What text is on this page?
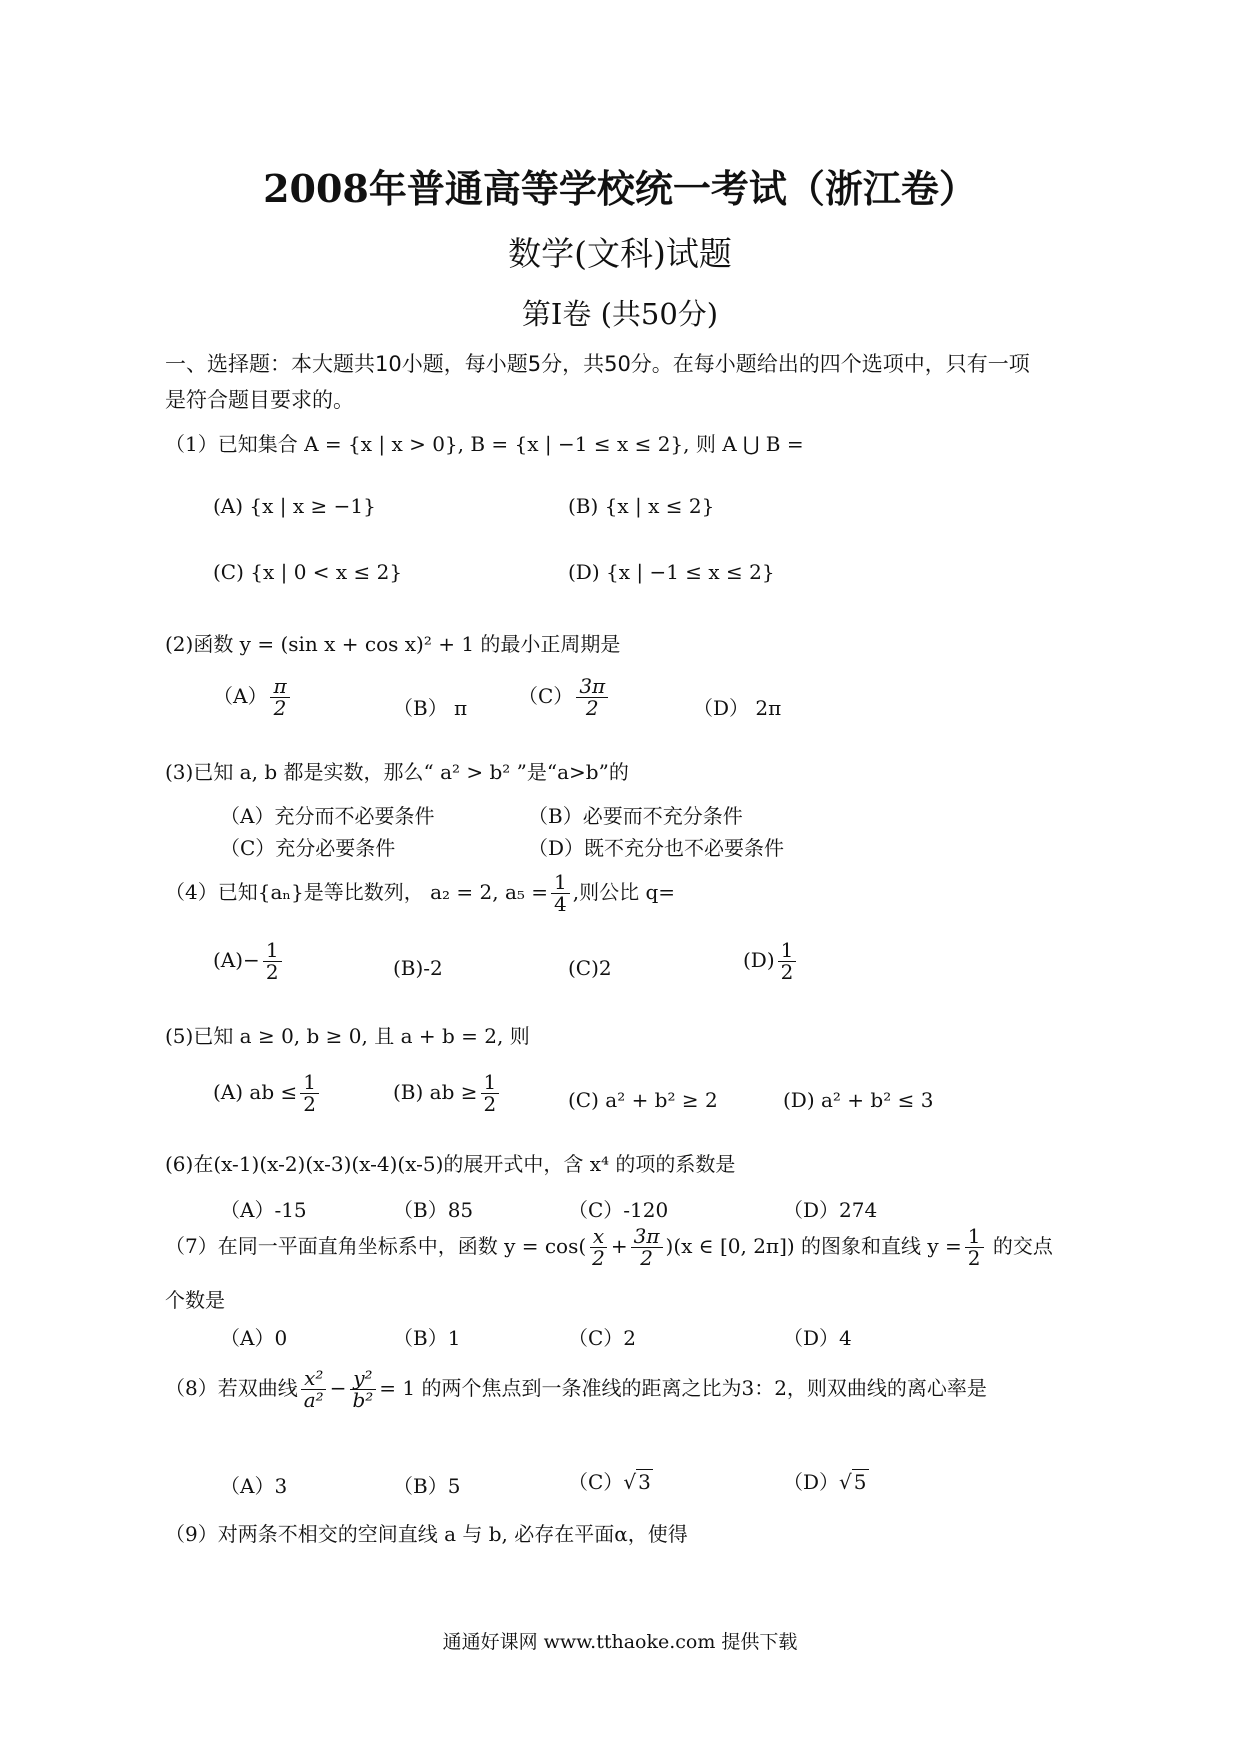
2008年普通高等学校统一考试（浙江卷）
数学(文科)试题
第Ⅰ卷 (共50分)
一、选择题：本大题共10小题，每小题5分，共50分。在每小题给出的四个选项中，只有一项
是符合题目要求的。
（1）已知集合 A = {x | x > 0}, B = {x | −1 ≤ x ≤ 2}, 则 A ⋃ B =
(A) {x | x ≥ −1}	(B) {x | x ≤ 2}
(C) {x | 0 < x ≤ 2}	(D) {x | −1 ≤ x ≤ 2}
(2)函数 y = (sin x + cos x)² + 1 的最小正周期是
$(A) \frac{\pi}{2}$	（B） π	$(C) \frac{3\pi}{2}$	（D） 2π
(3)已知 a, b 都是实数，那么“ a² > b² ”是“a>b”的
（A）充分而不必要条件	（B）必要而不充分条件
（C）充分必要条件	（D）既不充分也不必要条件
（4）已知{aₙ}是等比数列， a₂ = 2, $a_5 = \frac{1}{4}$ ,则公比 q=
$(A)- \frac{1}{2}$	(B)-2	(C)2	$(D) \frac{1}{2}$
(5)已知 a ≥ 0, b ≥ 0, 且 a + b = 2, 则
(A) ab ≤ $\frac{1}{2}$	(B) ab ≥ $\frac{1}{2}$	(C) a² + b² ≥ 2	(D) a² + b² ≤ 3
(6)在(x-1)(x-2)(x-3)(x-4)(x-5)的展开式中，含 x⁴ 的项的系数是
（A）-15	（B）85	（C）-120	（D）274
（7）在同一平面直角坐标系中，函数 $y = \cos( \frac{x}{2} + \frac{3\pi}{2} )(x$ ∈ [0, 2π]) 的图象和直线 $y = \frac{1}{2}$ 的交点
个数是
（A）0	（B）1	（C）2	（D）4
（8）若双曲线 $\frac{\text{x²}}{\text{a²}} - \frac{\text{y²}}{\text{b²}} = 1$ 的两个焦点到一条准线的距离之比为3：2，则双曲线的离心率是
（A）3	（B）5	（C）√ 3	（D）√ 5
（9）对两条不相交的空间直线 a 与 b, 必存在平面α，使得
通通好课网 www.tthaoke.com 提供下载
